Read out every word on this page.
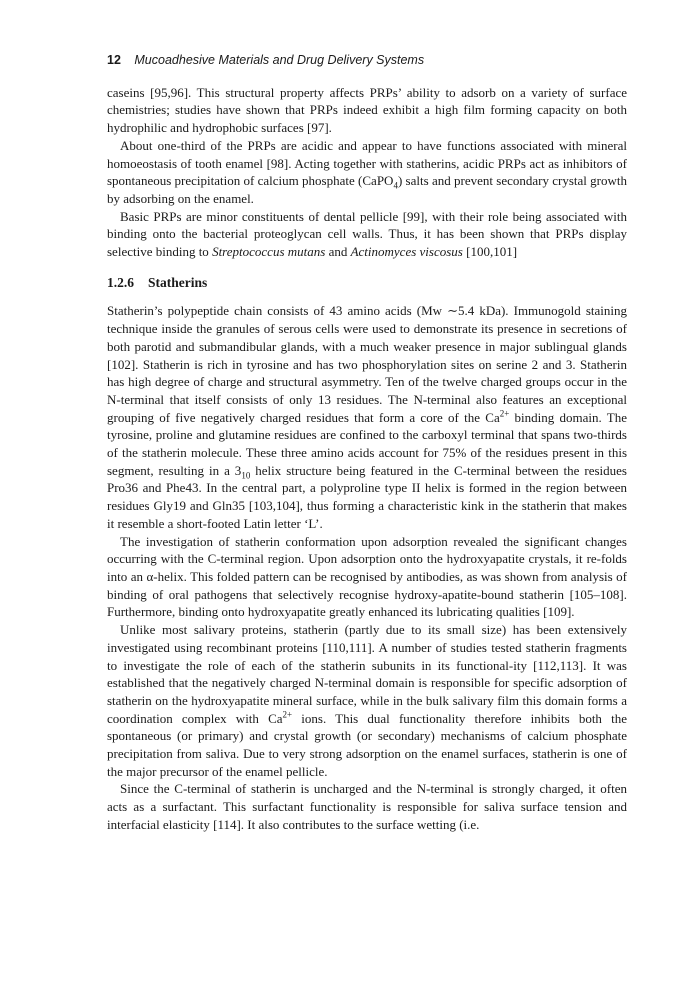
12 Mucoadhesive Materials and Drug Delivery Systems

caseins [95,96]. This structural property affects PRPs’ ability to adsorb on a variety of surface chemistries; studies have shown that PRPs indeed exhibit a high film forming capacity on both hydrophilic and hydrophobic surfaces [97].

About one-third of the PRPs are acidic and appear to have functions associated with mineral homoeostasis of tooth enamel [98]. Acting together with statherins, acidic PRPs act as inhibitors of spontaneous precipitation of calcium phosphate (CaPO$_4$) salts and prevent secondary crystal growth by adsorbing on the enamel.

Basic PRPs are minor constituents of dental pellicle [99], with their role being associated with binding onto the bacterial proteoglycan cell walls. Thus, it has been shown that PRPs display selective binding to Streptococcus mutans and Actinomyces viscosus [100,101]

1.2.6 Statherins

Statherin’s polypeptide chain consists of 43 amino acids (Mw ∼5.4 kDa). Immunogold staining technique inside the granules of serous cells were used to demonstrate its presence in secretions of both parotid and submandibular glands, with a much weaker presence in major sublingual glands [102]. Statherin is rich in tyrosine and has two phosphorylation sites on serine 2 and 3. Statherin has high degree of charge and structural asymmetry. Ten of the twelve charged groups occur in the N-terminal that itself consists of only 13 residues. The N-terminal also features an exceptional grouping of five negatively charged residues that form a core of the $Ca^{2+}$ binding domain. The tyrosine, proline and glutamine residues are confined to the carboxyl terminal that spans two-thirds of the statherin molecule. These three amino acids account for 75% of the residues present in this segment, resulting in a $3_{10}$ helix structure being featured in the C-terminal between the residues Pro36 and Phe43. In the central part, a polyproline type II helix is formed in the region between residues Gly19 and Gln35 [103,104], thus forming a characteristic kink in the statherin that makes it resemble a short-footed Latin letter ‘L’.

The investigation of statherin conformation upon adsorption revealed the significant changes occurring with the C-terminal region. Upon adsorption onto the hydroxyapatite crystals, it re-folds into an α-helix. This folded pattern can be recognised by antibodies, as was shown from analysis of binding of oral pathogens that selectively recognise hydroxy-apatite-bound statherin [105–108]. Furthermore, binding onto hydroxyapatite greatly enhanced its lubricating qualities [109].

Unlike most salivary proteins, statherin (partly due to its small size) has been extensively investigated using recombinant proteins [110,111]. A number of studies tested statherin fragments to investigate the role of each of the statherin subunits in its functional-ity [112,113]. It was established that the negatively charged N-terminal domain is responsible for specific adsorption of statherin on the hydroxyapatite mineral surface, while in the bulk salivary film this domain forms a coordination complex with $Ca^{2+}$ ions. This dual functionality therefore inhibits both the spontaneous (or primary) and crystal growth (or secondary) mechanisms of calcium phosphate precipitation from saliva. Due to very strong adsorption on the enamel surfaces, statherin is one of the major precursor of the enamel pellicle.

Since the C-terminal of statherin is uncharged and the N-terminal is strongly charged, it often acts as a surfactant. This surfactant functionality is responsible for saliva surface tension and interfacial elasticity [114]. It also contributes to the surface wetting (i.e.
